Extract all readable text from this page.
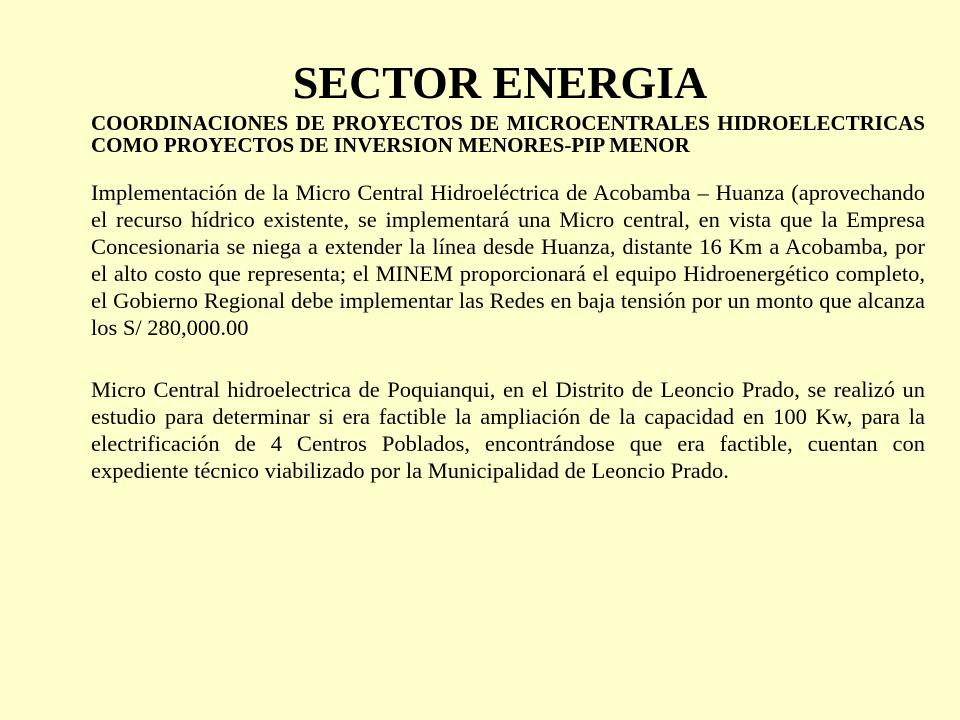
SECTOR ENERGIA

COORDINACIONES DE PROYECTOS DE MICROCENTRALES HIDROELECTRICAS COMO PROYECTOS DE INVERSION MENORES-PIP MENOR

Implementación de la Micro Central Hidroeléctrica de Acobamba – Huanza (aprovechando el recurso hídrico existente, se implementará una Micro central, en vista que la Empresa Concesionaria se niega a extender la línea desde Huanza, distante 16 Km a Acobamba, por el alto costo que representa; el MINEM proporcionará el equipo Hidroenergético completo, el Gobierno Regional debe implementar las Redes en baja tensión por un monto que alcanza los S/ 280,000.00

Micro Central hidroelectrica de Poquianqui, en el Distrito de Leoncio Prado, se realizó un estudio para determinar si era factible la ampliación de la capacidad en 100 Kw, para la electrificación de 4 Centros Poblados, encontrándose que era factible, cuentan con expediente técnico viabilizado por la Municipalidad de Leoncio Prado.
